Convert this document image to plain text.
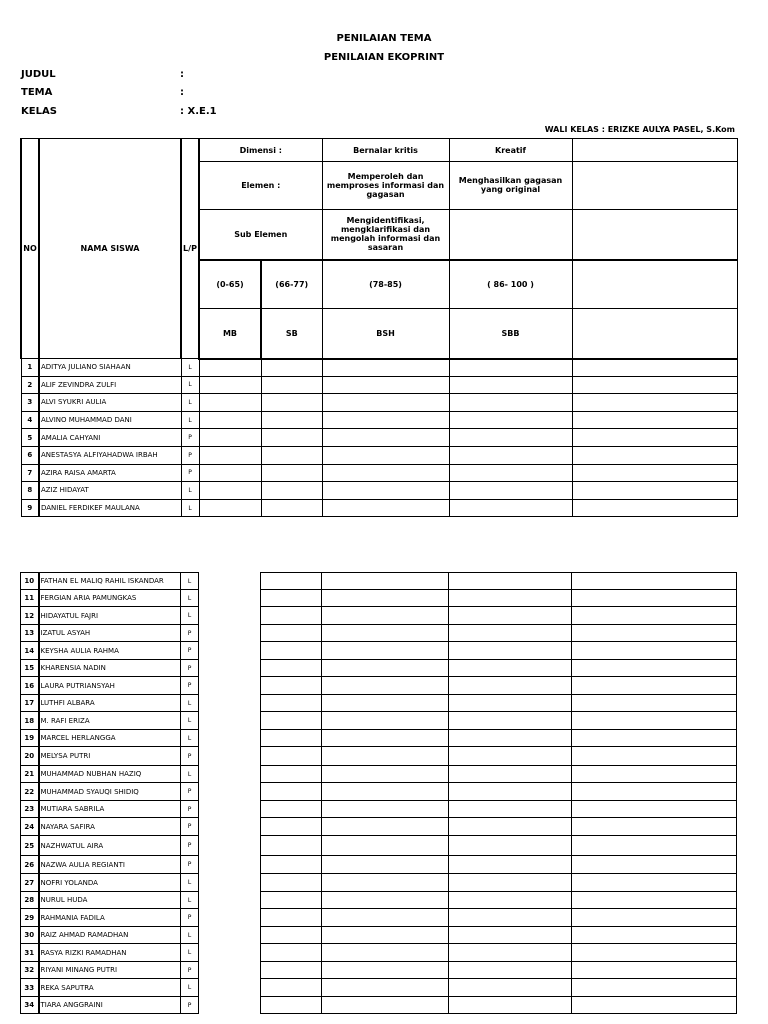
PENILAIAN TEMA
PENILAIAN EKOPRINT
JUDUL	:
TEMA	:
KELAS	: X.E.1
WALI KELAS : ERIZKE AULYA PASEL, S.Kom
NO	NAMA SISWA	L/P	Dimensi :		Bernalar kritis	Kreatif	
			Elemen :		Memperoleh dan memproses informasi dan gagasan	Menghasilkan gagasan yang original	
			Sub Elemen		Mengidentifikasi, mengklarifikasi dan mengolah informasi dan sasaran		
			(0-65)	(66-77)	(78-85)	( 86- 100 )	
			MB	SB	BSH	SBB	
1	ADITYA JULIANO SIAHAAN	L					
2	ALIF ZEVINDRA ZULFI	L					
3	ALVI SYUKRI AULIA	L					
4	ALVINO MUHAMMAD DANI	L					
5	AMALIA CAHYANI	P					
6	ANESTASYA ALFIYAHADWA IRBAH	P					
7	AZIRA RAISA AMARTA	P					
8	AZIZ HIDAYAT	L					
9	DANIEL FERDIKEF MAULANA	L					
10	FATHAN EL MALIQ RAHIL ISKANDAR	L					
11	FERGIAN ARIA PAMUNGKAS	L					
12	HIDAYATUL FAJRI	L					
13	IZATUL ASYAH	P					
14	KEYSHA AULIA RAHMA	P					
15	KHARENSIA NADIN	P					
16	LAURA PUTRIANSYAH	P					
17	LUTHFI ALBARA	L					
18	M. RAFI ERIZA	L					
19	MARCEL HERLANGGA	L					
20	MELYSA PUTRI	P					
21	MUHAMMAD NUBHAN HAZIQ	L					
22	MUHAMMAD SYAUQI SHIDIQ	P					
23	MUTIARA SABRILA	P					
24	NAYARA SAFIRA	P					
25	NAZHWATUL AIRA	P					
26	NAZWA AULIA REGIANTI	P					
27	NOFRI YOLANDA	L					
28	NURUL HUDA	L					
29	RAHMANIA FADILA	P					
30	RAIZ AHMAD RAMADHAN	L					
31	RASYA RIZKI RAMADHAN	L					
32	RIYANI MINANG PUTRI	P					
33	REKA SAPUTRA	L					
34	TIARA ANGGRAINI	P					
